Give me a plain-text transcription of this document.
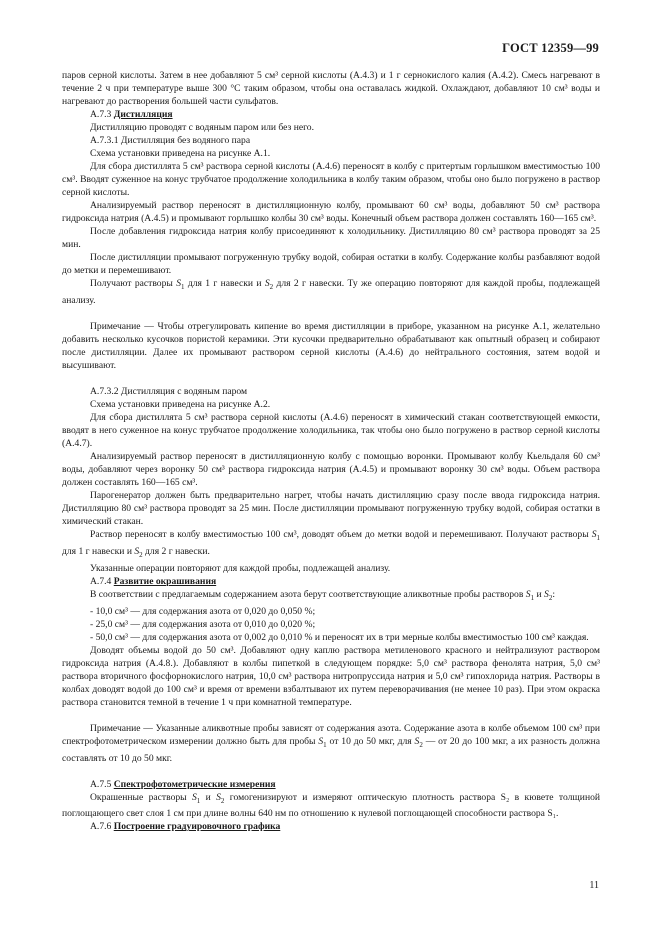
ГОСТ 12359—99

паров серной кислоты. Затем в нее добавляют 5 см³ серной кислоты (А.4.3) и 1 г сернокислого калия (А.4.2). Смесь нагревают в течение 2 ч при температуре выше 300 °С таким образом, чтобы она оставалась жидкой. Охлаждают, добавляют 10 см³ воды и нагревают до растворения большей части сульфатов.

А.7.3 Дистилляция

Дистилляцию проводят с водяным паром или без него.

А.7.3.1 Дистилляция без водяного пара

Схема установки приведена на рисунке А.1.

Для сбора дистиллята 5 см³ раствора серной кислоты (А.4.6) переносят в колбу с притертым горлышком вместимостью 100 см³. Вводят суженное на конус трубчатое продолжение холодильника в колбу таким образом, чтобы оно было погружено в раствор серной кислоты.

Анализируемый раствор переносят в дистилляционную колбу, промывают 60 см³ воды, добавляют 50 см³ раствора гидроксида натрия (А.4.5) и промывают горлышко колбы 30 см³ воды. Конечный объем раствора должен составлять 160—165 см³.

После добавления гидроксида натрия колбу присоединяют к холодильнику. Дистилляцию 80 см³ раствора проводят за 25 мин.

После дистилляции промывают погруженную трубку водой, собирая остатки в колбу. Содержание колбы разбавляют водой до метки и перемешивают.

Получают растворы $S_1$ для 1 г навески и $S_2$ для 2 г навески. Ту же операцию повторяют для каждой пробы, подлежащей анализу.

Примечание — Чтобы отрегулировать кипение во время дистилляции в приборе, указанном на рисунке А.1, желательно добавить несколько кусочков пористой керамики. Эти кусочки предварительно обрабатывают как опытный образец и собирают после дистилляции. Далее их промывают раствором серной кислоты (А.4.6) до нейтрального состояния, затем водой и высушивают.

А.7.3.2 Дистилляция с водяным паром

Схема установки приведена на рисунке А.2.

Для сбора дистиллята 5 см³ раствора серной кислоты (А.4.6) переносят в химический стакан соответствующей емкости, вводят в него суженное на конус трубчатое продолжение холодильника, так чтобы оно было погружено в раствор серной кислоты (А.4.7).

Анализируемый раствор переносят в дистилляционную колбу с помощью воронки. Промывают колбу Кьельдаля 60 см³ воды, добавляют через воронку 50 см³ раствора гидроксида натрия (А.4.5) и промывают воронку 30 см³ воды. Объем раствора должен составлять 160—165 см³.

Парогенератор должен быть предварительно нагрет, чтобы начать дистилляцию сразу после ввода гидроксида натрия. Дистилляцию 80 см³ раствора проводят за 25 мин. После дистилляции промывают погруженную трубку водой, собирая остатки в химический стакан.

Раствор переносят в колбу вместимостью 100 см³, доводят объем до метки водой и перемешивают. Получают растворы $S_1$ для 1 г навески и $S_2$ для 2 г навески.

Указанные операции повторяют для каждой пробы, подлежащей анализу.

А.7.4 Развитие окрашивания

В соответствии с предлагаемым содержанием азота берут соответствующие аликвотные пробы растворов $S_1$ и $S_2$:

- 10,0 см³ — для содержания азота от 0,020 до 0,050 %;

- 25,0 см³ — для содержания азота от 0,010 до 0,020 %;

- 50,0 см³ — для содержания азота от 0,002 до 0,010 % и переносят их в три мерные колбы вместимостью 100 см³ каждая.

Доводят объемы водой до 50 см³. Добавляют одну каплю раствора метиленового красного и нейтрализуют раствором гидроксида натрия (А.4.8.). Добавляют в колбы пипеткой в следующем порядке: 5,0 см³ раствора фенолята натрия, 5,0 см³ раствора вторичного фосфорнокислого натрия, 10,0 см³ раствора нитропруссида натрия и 5,0 см³ гипохлорида натрия. Растворы в колбах доводят водой до 100 см³ и время от времени взбалтывают их путем переворачивания (не менее 10 раз). При этом окраска раствора становится темной в течение 1 ч при комнатной температуре.

Примечание — Указанные аликвотные пробы зависят от содержания азота. Содержание азота в колбе объемом 100 см³ при спектрофотометрическом измерении должно быть для пробы $S_1$ от 10 до 50 мкг, для $S_2$ — от 20 до 100 мкг, а их разность должна составлять от 10 до 50 мкг.

А.7.5 Спектрофотометрические измерения

Окрашенные растворы $S_1$ и $S_2$ гомогенизируют и измеряют оптическую плотность раствора S₂ в кювете толщиной поглощающего свет слоя 1 см при длине волны 640 нм по отношению к нулевой поглощающей способности раствора S₁.

А.7.6 Построение градуировочного графика

11
